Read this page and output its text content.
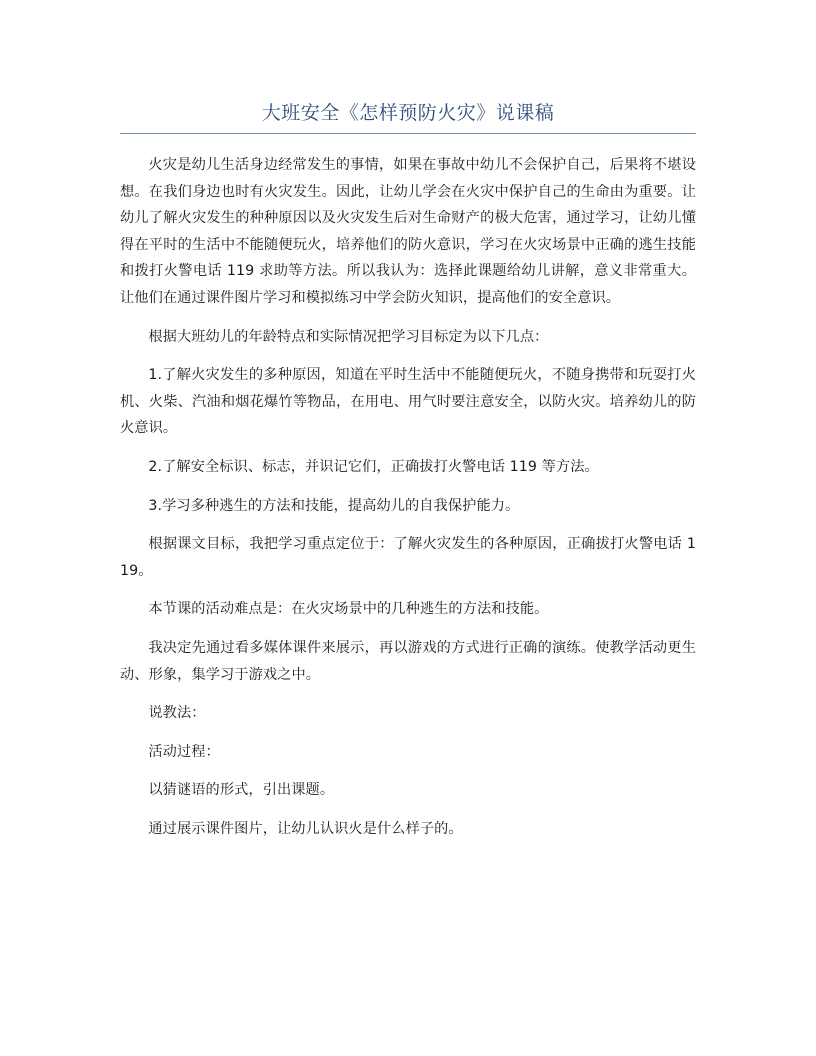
大班安全《怎样预防火灾》说课稿

火灾是幼儿生活身边经常发生的事情，如果在事故中幼儿不会保护自己，后果将不堪设想。在我们身边也时有火灾发生。因此，让幼儿学会在火灾中保护自己的生命由为重要。让幼儿了解火灾发生的种种原因以及火灾发生后对生命财产的极大危害，通过学习，让幼儿懂得在平时的生活中不能随便玩火，培养他们的防火意识，学习在火灾场景中正确的逃生技能和拨打火警电话 119 求助等方法。所以我认为：选择此课题给幼儿讲解，意义非常重大。让他们在通过课件图片学习和模拟练习中学会防火知识，提高他们的安全意识。

根据大班幼儿的年龄特点和实际情况把学习目标定为以下几点：

1.了解火灾发生的多种原因，知道在平时生活中不能随便玩火，不随身携带和玩耍打火机、火柴、汽油和烟花爆竹等物品，在用电、用气时要注意安全，以防火灾。培养幼儿的防火意识。

2.了解安全标识、标志，并识记它们，正确拔打火警电话 119 等方法。

3.学习多种逃生的方法和技能，提高幼儿的自我保护能力。

根据课文目标，我把学习重点定位于：了解火灾发生的各种原因，正确拔打火警电话 119。

本节课的活动难点是：在火灾场景中的几种逃生的方法和技能。

我决定先通过看多媒体课件来展示，再以游戏的方式进行正确的演练。使教学活动更生动、形象，集学习于游戏之中。

说教法：

活动过程：

以猜谜语的形式，引出课题。

通过展示课件图片，让幼儿认识火是什么样子的。
